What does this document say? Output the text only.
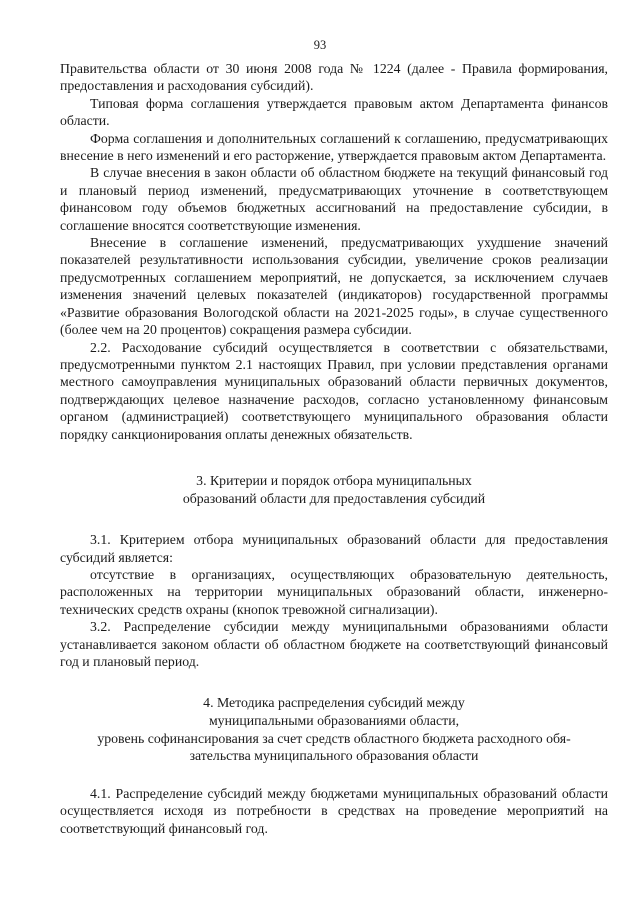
93

Правительства области от 30 июня 2008 года № 1224 (далее - Правила формирования, предоставления и расходования субсидий).

Типовая форма соглашения утверждается правовым актом Департамента финансов области.

Форма соглашения и дополнительных соглашений к соглашению, предусматривающих внесение в него изменений и его расторжение, утверждается правовым актом Департамента.

В случае внесения в закон области об областном бюджете на текущий финансовый год и плановый период изменений, предусматривающих уточнение в соответствующем финансовом году объемов бюджетных ассигнований на предоставление субсидии, в соглашение вносятся соответствующие изменения.

Внесение в соглашение изменений, предусматривающих ухудшение значений показателей результативности использования субсидии, увеличение сроков реализации предусмотренных соглашением мероприятий, не допускается, за исключением случаев изменения значений целевых показателей (индикаторов) государственной программы «Развитие образования Вологодской области на 2021-2025 годы», в случае существенного (более чем на 20 процентов) сокращения размера субсидии.

2.2. Расходование субсидий осуществляется в соответствии с обязательствами, предусмотренными пунктом 2.1 настоящих Правил, при условии представления органами местного самоуправления муниципальных образований области первичных документов, подтверждающих целевое назначение расходов, согласно установленному финансовым органом (администрацией) соответствующего муниципального образования области порядку санкционирования оплаты денежных обязательств.

3. Критерии и порядок отбора муниципальных
образований области для предоставления субсидий

3.1. Критерием отбора муниципальных образований области для предоставления субсидий является:

отсутствие в организациях, осуществляющих образовательную деятельность, расположенных на территории муниципальных образований области, инженерно-технических средств охраны (кнопок тревожной сигнализации).

3.2. Распределение субсидии между муниципальными образованиями области устанавливается законом области об областном бюджете на соответствующий финансовый год и плановый период.

4. Методика распределения субсидий между
муниципальными образованиями области,
уровень софинансирования за счет средств областного бюджета расходного обя-
зательства муниципального образования области

4.1. Распределение субсидий между бюджетами муниципальных образований области осуществляется исходя из потребности в средствах на проведение мероприятий на соответствующий финансовый год.
